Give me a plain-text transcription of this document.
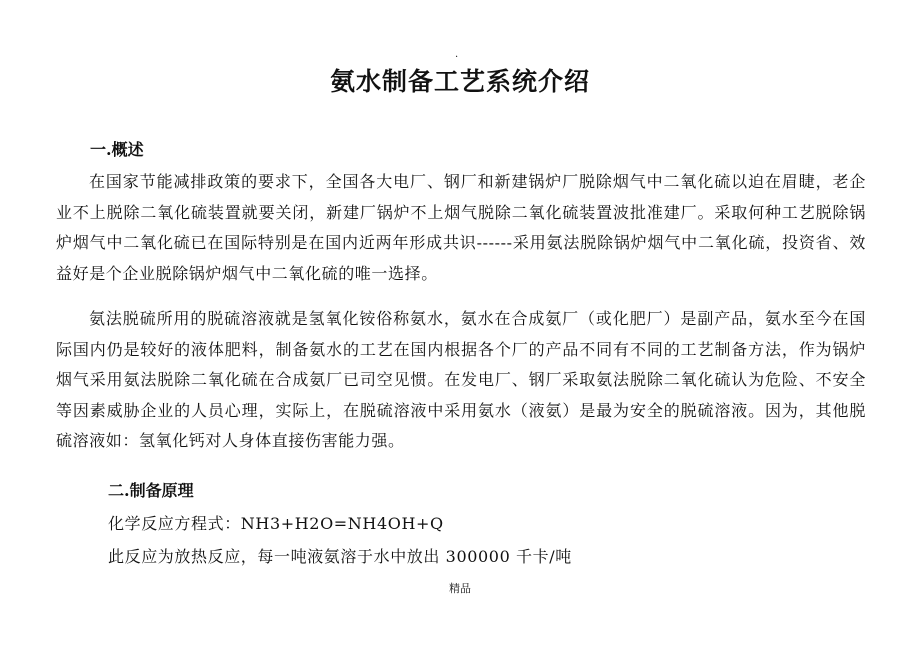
.
氨水制备工艺系统介绍
一.概述

在国家节能减排政策的要求下，全国各大电厂、钢厂和新建锅炉厂脱除烟气中二氧化硫以迫在眉睫，老企业不上脱除二氧化硫装置就要关闭，新建厂锅炉不上烟气脱除二氧化硫装置波批准建厂。采取何种工艺脱除锅炉烟气中二氧化硫已在国际特别是在国内近两年形成共识------采用氨法脱除锅炉烟气中二氧化硫，投资省、效益好是个企业脱除锅炉烟气中二氧化硫的唯一选择。

氨法脱硫所用的脱硫溶液就是氢氧化铵俗称氨水，氨水在合成氨厂（或化肥厂）是副产品，氨水至今在国际国内仍是较好的液体肥料，制备氨水的工艺在国内根据各个厂的产品不同有不同的工艺制备方法，作为锅炉烟气采用氨法脱除二氧化硫在合成氨厂已司空见惯。在发电厂、钢厂采取氨法脱除二氧化硫认为危险、不安全等因素威胁企业的人员心理，实际上，在脱硫溶液中采用氨水（液氨）是最为安全的脱硫溶液。因为，其他脱硫溶液如：氢氧化钙对人身体直接伤害能力强。

二.制备原理
化学反应方程式：NH3+H2O=NH4OH+Q
此反应为放热反应，每一吨液氨溶于水中放出 300000 千卡/吨
精品
